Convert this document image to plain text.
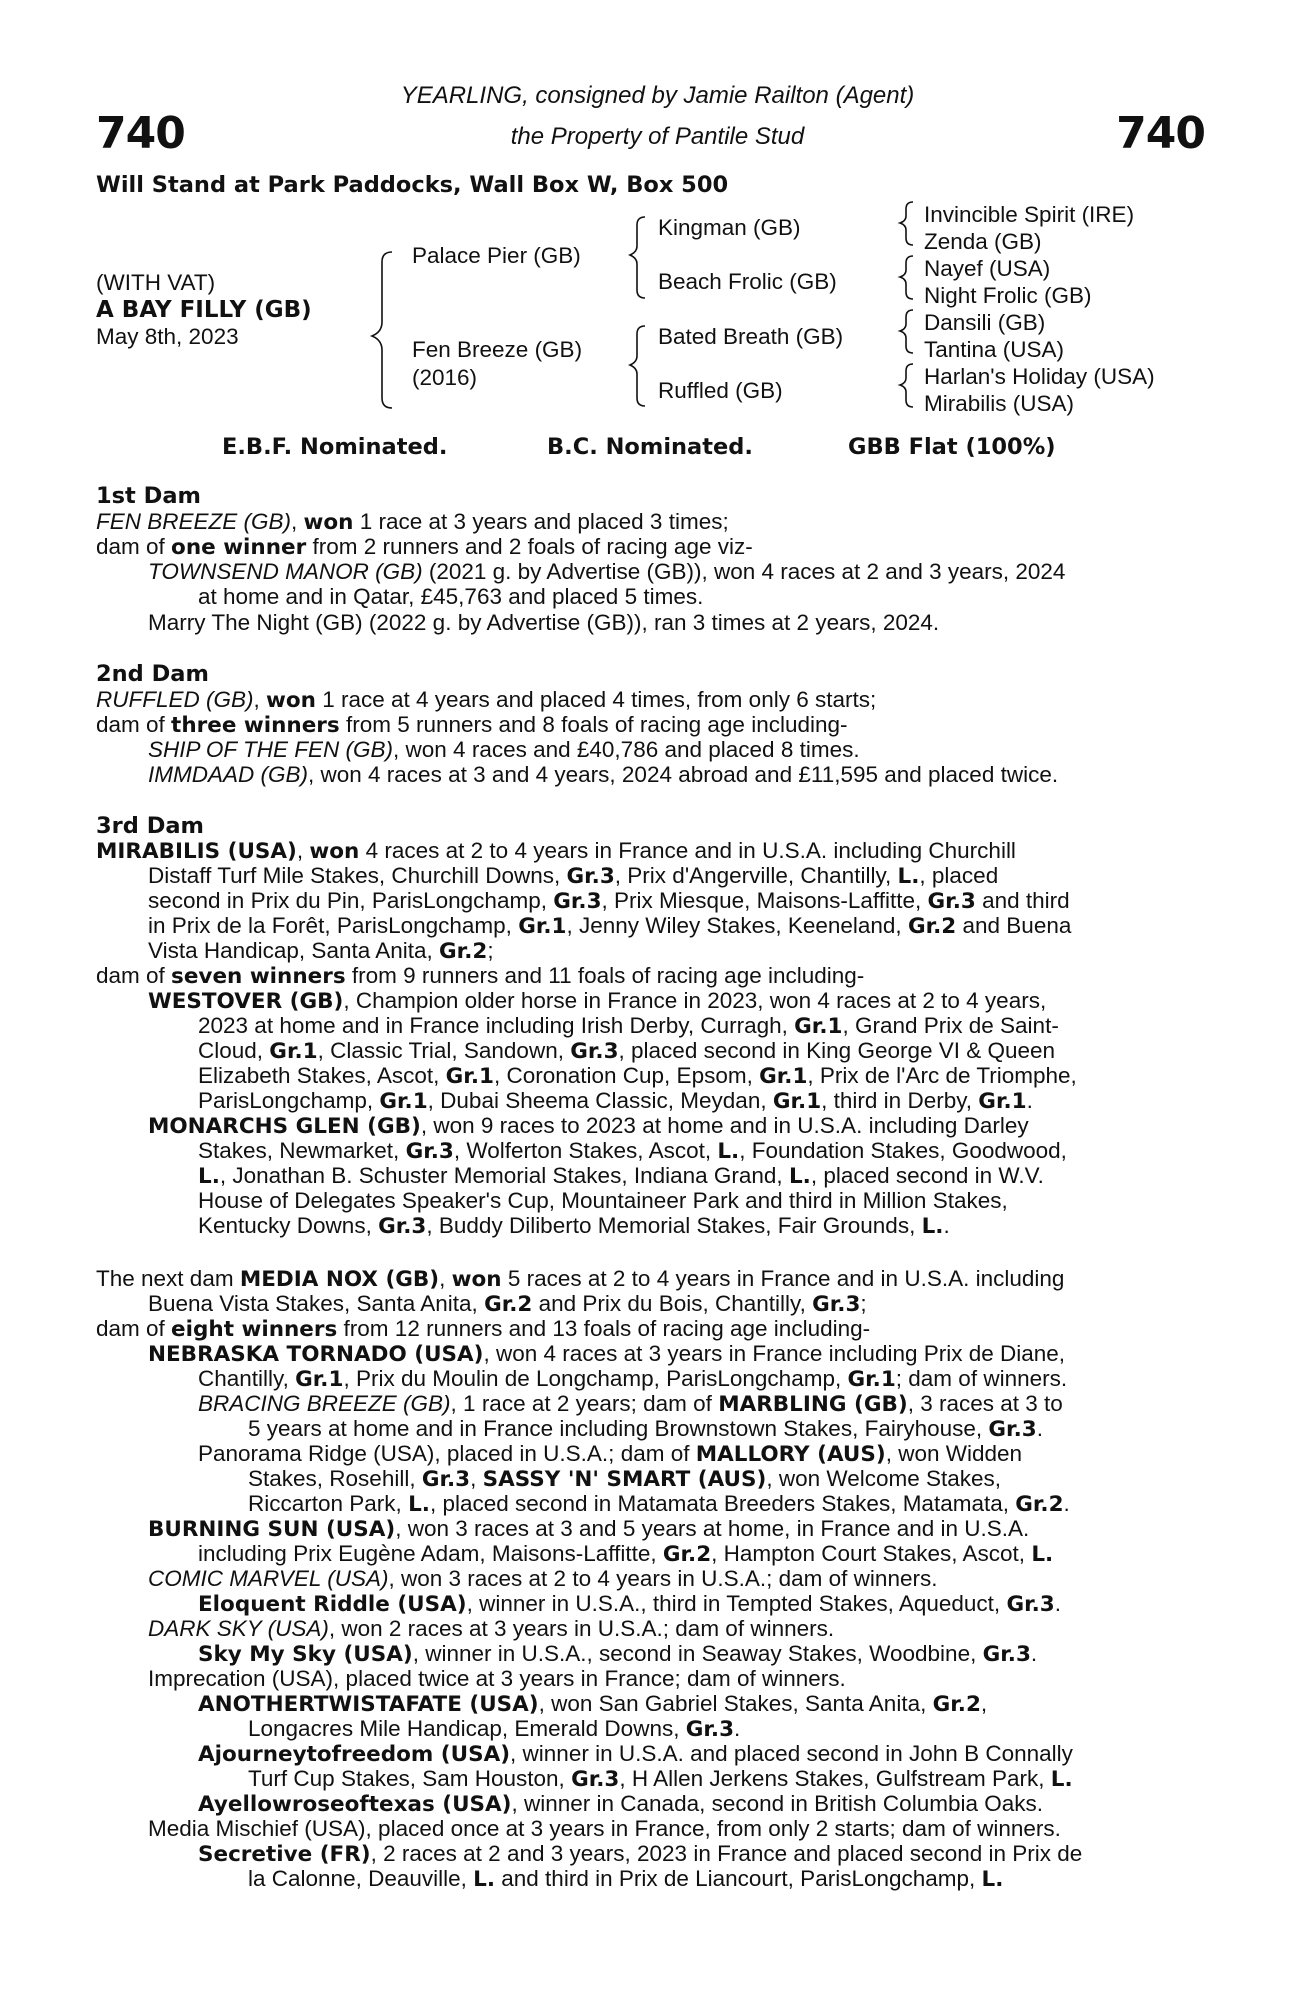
740	740
YEARLING, consigned by Jamie Railton (Agent)
the Property of Pantile Stud
Will Stand at Park Paddocks, Wall Box W, Box 500
(WITH VAT)
A BAY FILLY (GB)
May 8th, 2023
Palace Pier (GB)
Fen Breeze (GB)
(2016)
Kingman (GB)
Beach Frolic (GB)
Bated Breath (GB)
Ruffled (GB)
Invincible Spirit (IRE)
Zenda (GB)
Nayef (USA)
Night Frolic (GB)
Dansili (GB)
Tantina (USA)
Harlan's Holiday (USA)
Mirabilis (USA)
E.B.F. Nominated.	B.C. Nominated.	GBB Flat (100%)
1st Dam
FEN BREEZE (GB), won 1 race at 3 years and placed 3 times;
dam of one winner from 2 runners and 2 foals of racing age viz-
TOWNSEND MANOR (GB) (2021 g. by Advertise (GB)), won 4 races at 2 and 3 years, 2024
at home and in Qatar, £45,763 and placed 5 times.
Marry The Night (GB) (2022 g. by Advertise (GB)), ran 3 times at 2 years, 2024.
2nd Dam
RUFFLED (GB), won 1 race at 4 years and placed 4 times, from only 6 starts;
dam of three winners from 5 runners and 8 foals of racing age including-
SHIP OF THE FEN (GB), won 4 races and £40,786 and placed 8 times.
IMMDAAD (GB), won 4 races at 3 and 4 years, 2024 abroad and £11,595 and placed twice.
3rd Dam
MIRABILIS (USA), won 4 races at 2 to 4 years in France and in U.S.A. including Churchill
Distaff Turf Mile Stakes, Churchill Downs, Gr.3, Prix d'Angerville, Chantilly, L., placed
second in Prix du Pin, ParisLongchamp, Gr.3, Prix Miesque, Maisons-Laffitte, Gr.3 and third
in Prix de la Forêt, ParisLongchamp, Gr.1, Jenny Wiley Stakes, Keeneland, Gr.2 and Buena
Vista Handicap, Santa Anita, Gr.2;
dam of seven winners from 9 runners and 11 foals of racing age including-
WESTOVER (GB), Champion older horse in France in 2023, won 4 races at 2 to 4 years,
2023 at home and in France including Irish Derby, Curragh, Gr.1, Grand Prix de Saint-
Cloud, Gr.1, Classic Trial, Sandown, Gr.3, placed second in King George VI & Queen
Elizabeth Stakes, Ascot, Gr.1, Coronation Cup, Epsom, Gr.1, Prix de l'Arc de Triomphe,
ParisLongchamp, Gr.1, Dubai Sheema Classic, Meydan, Gr.1, third in Derby, Gr.1.
MONARCHS GLEN (GB), won 9 races to 2023 at home and in U.S.A. including Darley
Stakes, Newmarket, Gr.3, Wolferton Stakes, Ascot, L., Foundation Stakes, Goodwood,
L., Jonathan B. Schuster Memorial Stakes, Indiana Grand, L., placed second in W.V.
House of Delegates Speaker's Cup, Mountaineer Park and third in Million Stakes,
Kentucky Downs, Gr.3, Buddy Diliberto Memorial Stakes, Fair Grounds, L..
The next dam MEDIA NOX (GB), won 5 races at 2 to 4 years in France and in U.S.A. including
Buena Vista Stakes, Santa Anita, Gr.2 and Prix du Bois, Chantilly, Gr.3;
dam of eight winners from 12 runners and 13 foals of racing age including-
NEBRASKA TORNADO (USA), won 4 races at 3 years in France including Prix de Diane,
Chantilly, Gr.1, Prix du Moulin de Longchamp, ParisLongchamp, Gr.1; dam of winners.
BRACING BREEZE (GB), 1 race at 2 years; dam of MARBLING (GB), 3 races at 3 to
5 years at home and in France including Brownstown Stakes, Fairyhouse, Gr.3.
Panorama Ridge (USA), placed in U.S.A.; dam of MALLORY (AUS), won Widden
Stakes, Rosehill, Gr.3, SASSY 'N' SMART (AUS), won Welcome Stakes,
Riccarton Park, L., placed second in Matamata Breeders Stakes, Matamata, Gr.2.
BURNING SUN (USA), won 3 races at 3 and 5 years at home, in France and in U.S.A.
including Prix Eugène Adam, Maisons-Laffitte, Gr.2, Hampton Court Stakes, Ascot, L.
COMIC MARVEL (USA), won 3 races at 2 to 4 years in U.S.A.; dam of winners.
Eloquent Riddle (USA), winner in U.S.A., third in Tempted Stakes, Aqueduct, Gr.3.
DARK SKY (USA), won 2 races at 3 years in U.S.A.; dam of winners.
Sky My Sky (USA), winner in U.S.A., second in Seaway Stakes, Woodbine, Gr.3.
Imprecation (USA), placed twice at 3 years in France; dam of winners.
ANOTHERTWISTAFATE (USA), won San Gabriel Stakes, Santa Anita, Gr.2,
Longacres Mile Handicap, Emerald Downs, Gr.3.
Ajourneytofreedom (USA), winner in U.S.A. and placed second in John B Connally
Turf Cup Stakes, Sam Houston, Gr.3, H Allen Jerkens Stakes, Gulfstream Park, L.
Ayellowroseoftexas (USA), winner in Canada, second in British Columbia Oaks.
Media Mischief (USA), placed once at 3 years in France, from only 2 starts; dam of winners.
Secretive (FR), 2 races at 2 and 3 years, 2023 in France and placed second in Prix de
la Calonne, Deauville, L. and third in Prix de Liancourt, ParisLongchamp, L.
